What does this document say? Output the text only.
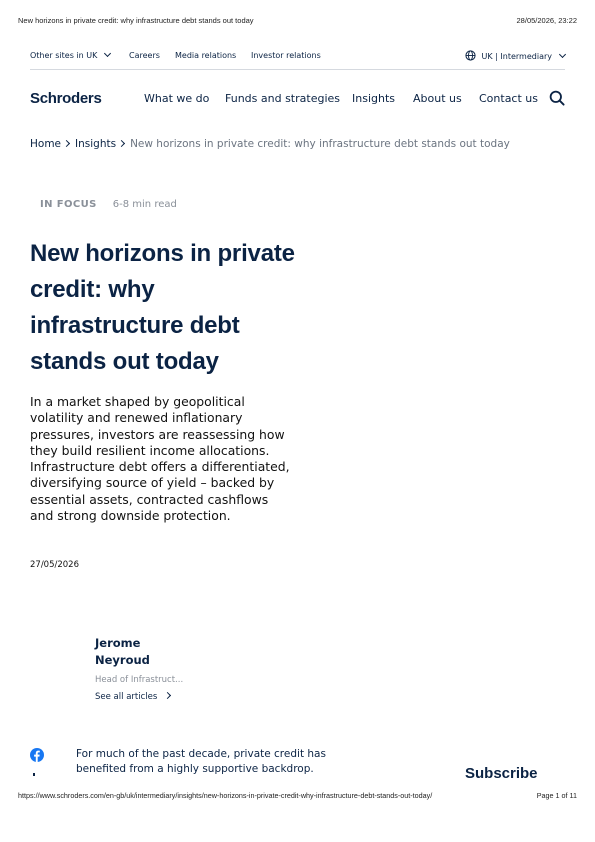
New horizons in private credit: why infrastructure debt stands out today	28/05/2026, 23:22
Other sites in UK	Careers Media relations Investor relations	UK | Intermediary
Schroders	What we do Funds and strategies Insights About us Contact us
Home Insights New horizons in private credit: why infrastructure debt stands out today
IN FOCUS 6-8 min read
New horizons in private credit: why infrastructure debt stands out today

In a market shaped by geopolitical volatility and renewed inflationary pressures, investors are reassessing how they build resilient income allocations. Infrastructure debt offers a differentiated, diversifying source of yield – backed by essential assets, contracted cashflows and strong downside protection.

27/05/2026
Jerome
Neyroud
Head of Infrastruct...
See all articles

For much of the past decade, private credit has benefited from a highly supportive backdrop.	Subscribe
https://www.schroders.com/en-gb/uk/intermediary/insights/new-horizons-in-private-credit-why-infrastructure-debt-stands-out-today/	Page 1 of 11
